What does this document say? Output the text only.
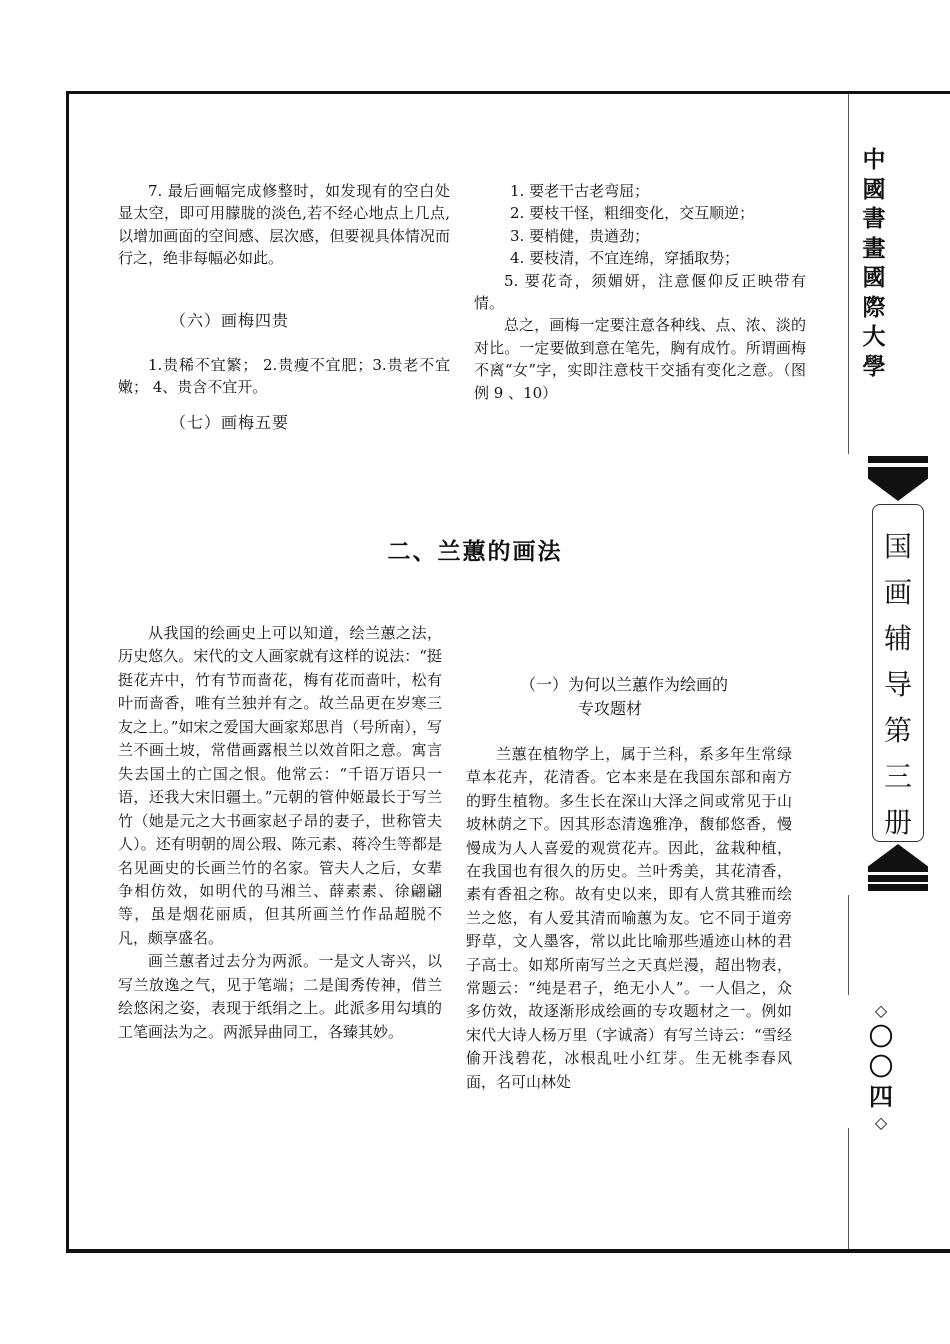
中
國
書
畫
國
際
大
學
国
画
辅
导
第
三
册
◇
〇
〇
四
◇

7. 最后画幅完成修整时，如发现有的空白处显太空，即可用朦胧的淡色,若不经心地点上几点,以增加画面的空间感、层次感，但要视具体情况而行之，绝非每幅必如此。

（六）画梅四贵

1.贵稀不宜繁； 2.贵瘦不宜肥；3.贵老不宜嫩； 4、贵含不宜开。

（七）画梅五要

1. 要老干古老弯屈；

2. 要枝干怪，粗细变化，交互顺逆；

3. 要梢健，贵遒劲；

4. 要枝清，不宜连绵，穿插取势；

5. 要花奇，须媚妍，注意偃仰反正映带有情。

总之，画梅一定要注意各种线、点、浓、淡的对比。一定要做到意在笔先，胸有成竹。所谓画梅不离“女”字，实即注意枝干交插有变化之意。（图例 9 、10）

二、兰蕙的画法

从我国的绘画史上可以知道，绘兰蕙之法，历史悠久。宋代的文人画家就有这样的说法：“挺挺花卉中，竹有节而啬花，梅有花而啬叶，松有叶而啬香，唯有兰独并有之。故兰品更在岁寒三友之上。”如宋之爱国大画家郑思肖（号所南），写兰不画土坡，常借画露根兰以效首阳之意。寓言失去国土的亡国之恨。他常云：“千语万语只一语，还我大宋旧疆土。”元朝的管仲姬最长于写兰竹（她是元之大书画家赵子昂的妻子，世称管夫人）。还有明朝的周公瑕、陈元素、蒋冷生等都是名见画史的长画兰竹的名家。管夫人之后，女辈争相仿效，如明代的马湘兰、薛素素、徐翩翩等，虽是烟花丽质，但其所画兰竹作品超脱不凡，颇享盛名。

画兰蕙者过去分为两派。一是文人寄兴，以写兰放逸之气，见于笔端；二是闺秀传神，借兰绘悠闲之姿，表现于纸绢之上。此派多用勾填的工笔画法为之。两派异曲同工，各臻其妙。

（一）为何以兰蕙作为绘画的
专攻题材

兰蕙在植物学上，属于兰科，系多年生常绿草本花卉，花清香。它本来是在我国东部和南方的野生植物。多生长在深山大泽之间或常见于山坡林荫之下。因其形态清逸雅净，馥郁悠香，慢慢成为人人喜爱的观赏花卉。因此，盆栽种植，在我国也有很久的历史。兰叶秀美，其花清香，素有香祖之称。故有史以来，即有人赏其雅而绘兰之悠，有人爱其清而喻蕙为友。它不同于道旁野草，文人墨客，常以此比喻那些遁迹山林的君子高士。如郑所南写兰之天真烂漫，超出物表，常题云：“纯是君子，绝无小人”。一人倡之，众多仿效，故逐渐形成绘画的专攻题材之一。例如宋代大诗人杨万里（字诚斋）有写兰诗云：“雪经偷开浅碧花，冰根乱吐小红芽。生无桃李春风面，名可山林处
